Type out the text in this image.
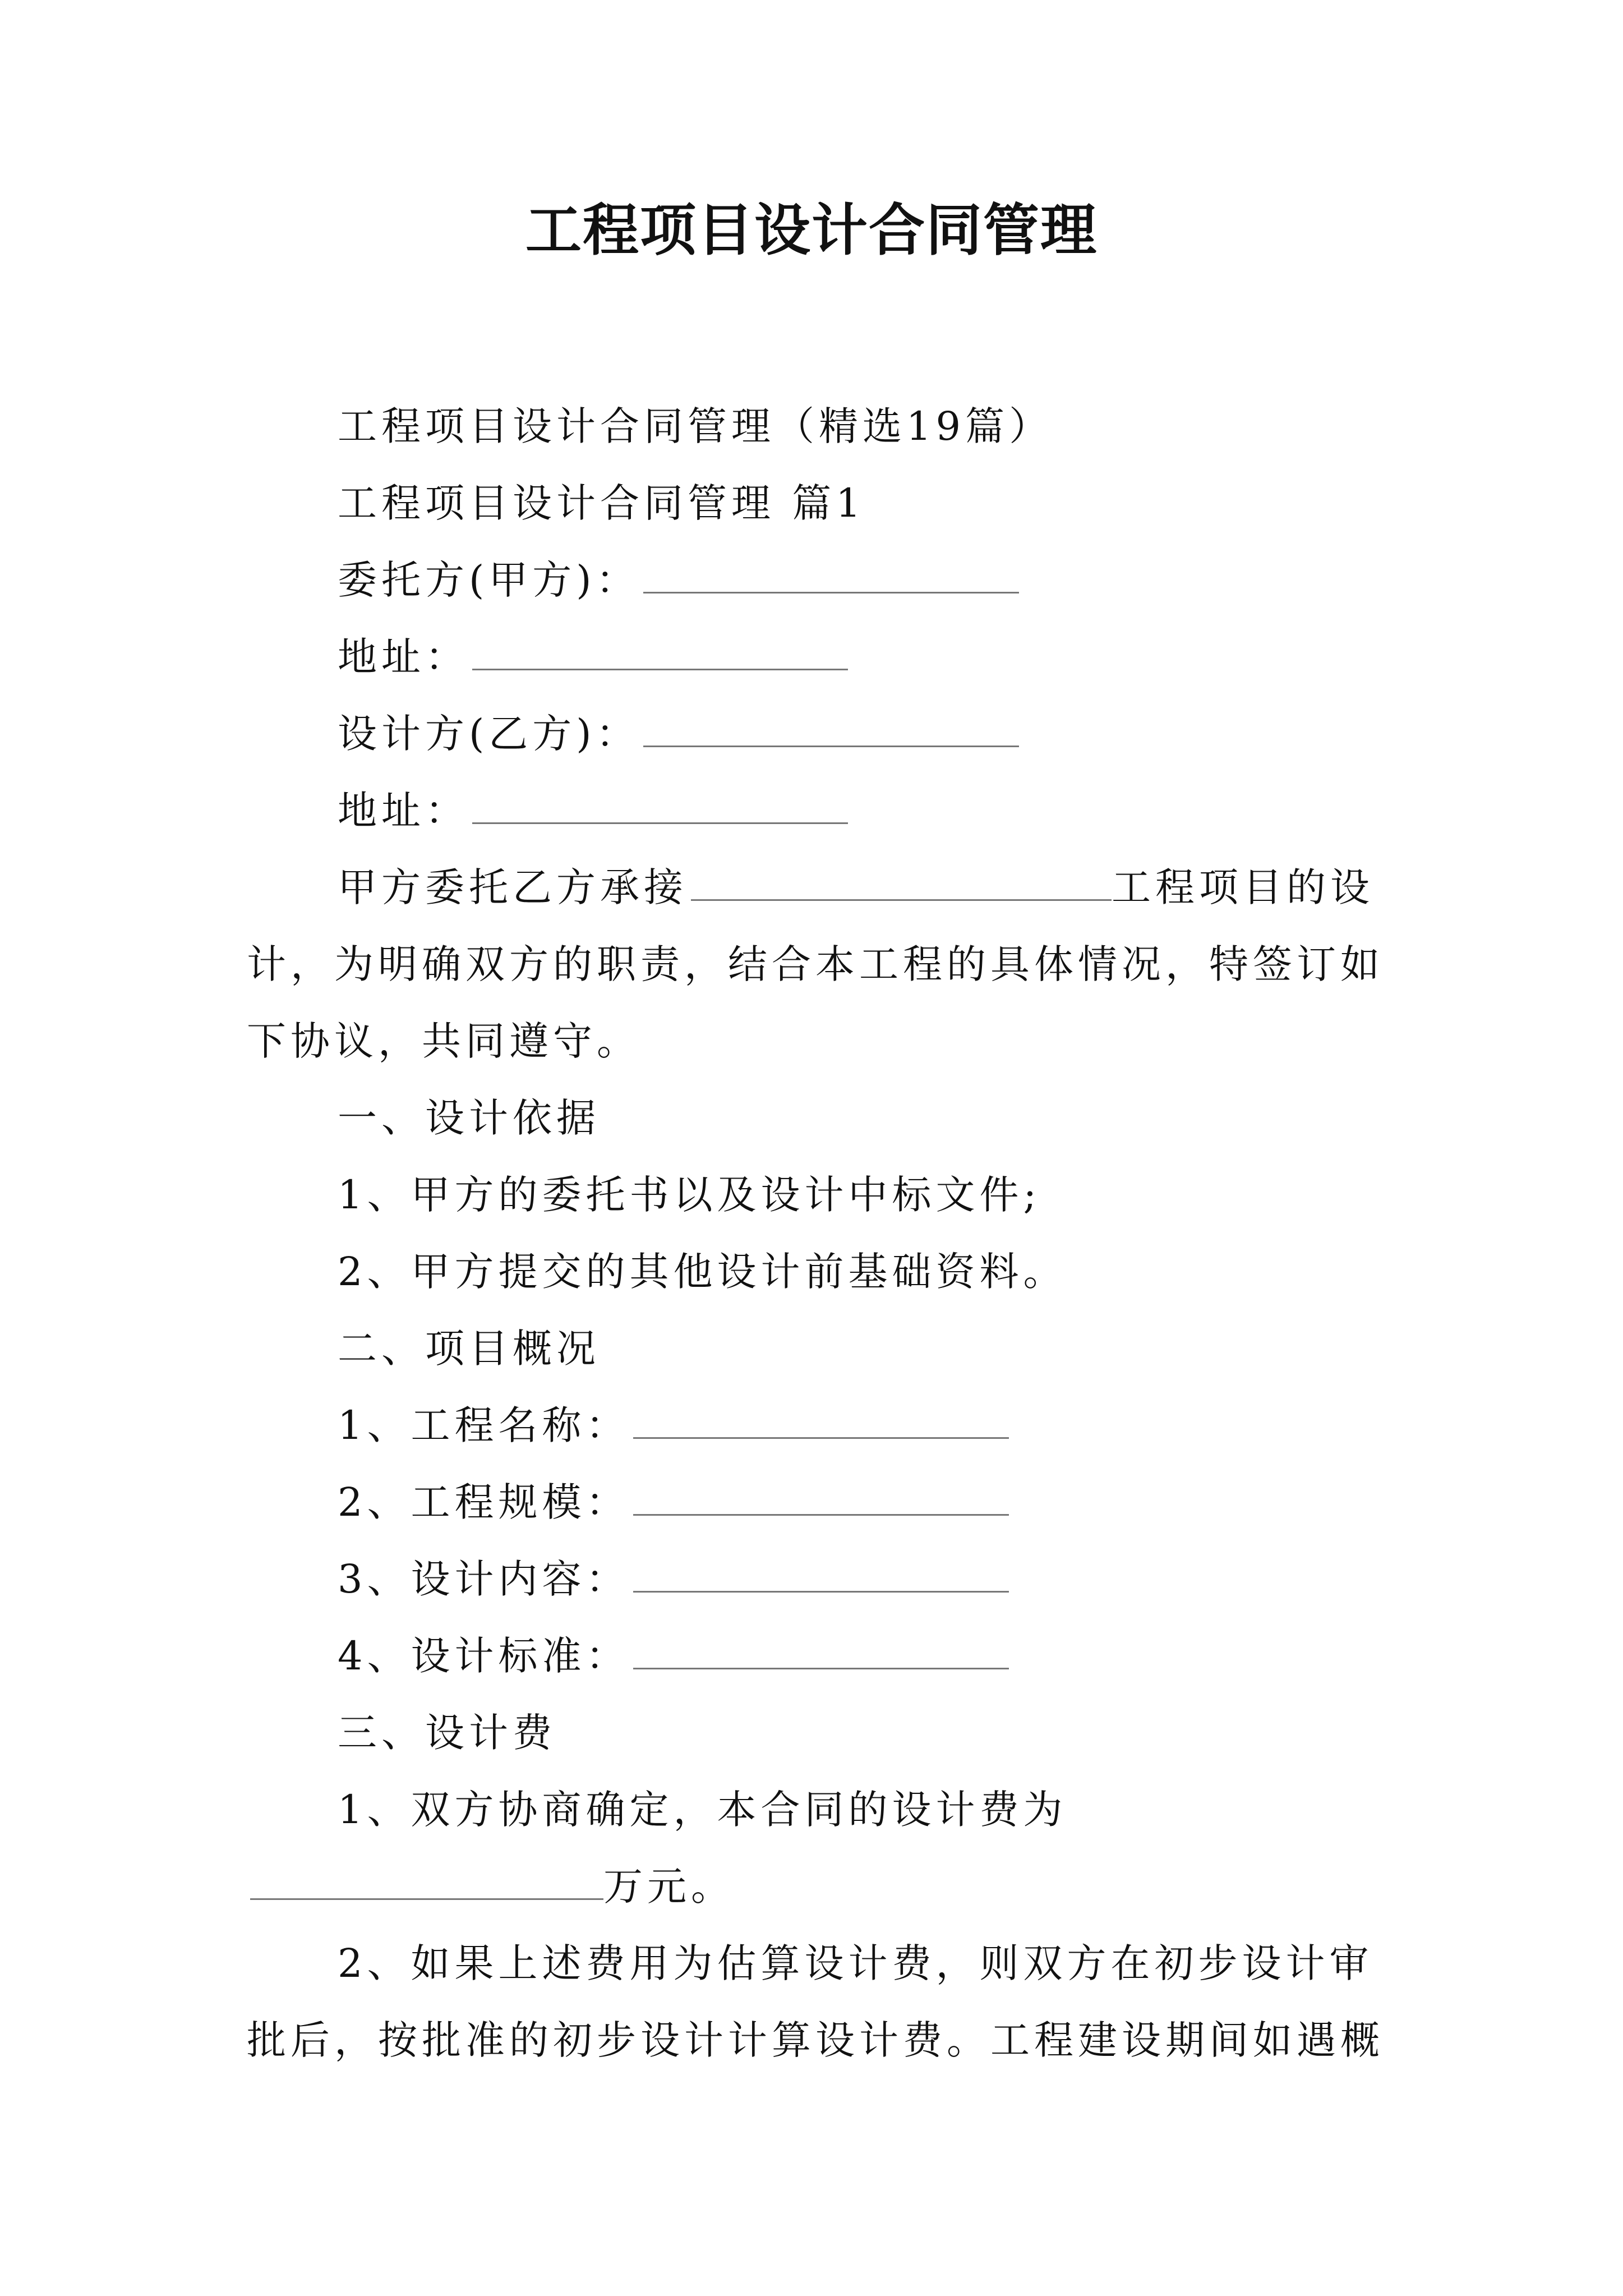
工程项目设计合同管理

工程项目设计合同管理（精选19篇）

工程项目设计合同管理 篇1

委托方(甲方)：

地址：

设计方(乙方)：

地址：

甲方委托乙方承接	工程项目的设计，为明确双方的职责，结合本工程的具体情况，特签订如下协议，共同遵守。

一、设计依据

1、甲方的委托书以及设计中标文件;

2、甲方提交的其他设计前基础资料。

二、项目概况

1、工程名称：

2、工程规模：

3、设计内容：

4、设计标准：

三、设计费

1、双方协商确定，本合同的设计费为万元。

2、如果上述费用为估算设计费，则双方在初步设计审批后，按批准的初步设计计算设计费。工程建设期间如遇概
